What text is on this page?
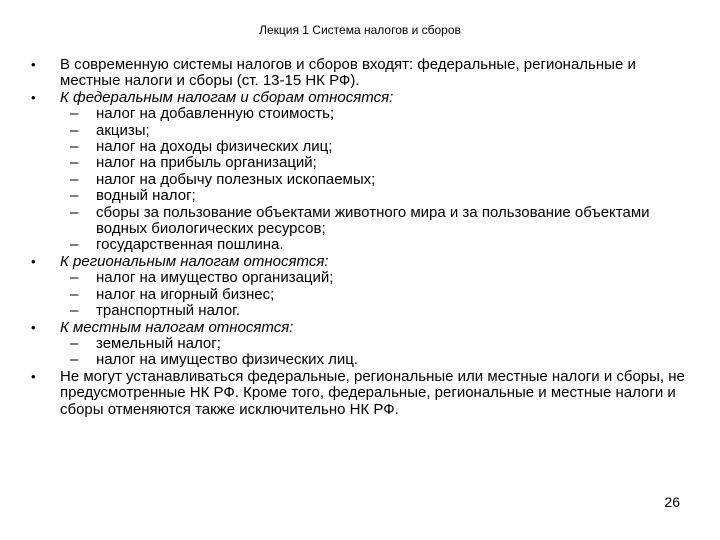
Лекция 1 Система налогов и сборов
• В современную системы налогов и сборов входят: федеральные, региональные и местные налоги и сборы (ст. 13-15 НК РФ).
• К федеральным налогам и сборам относятся:
– налог на добавленную стоимость;
– акцизы;
– налог на доходы физических лиц;
– налог на прибыль организаций;
– налог на добычу полезных ископаемых;
– водный налог;
– сборы за пользование объектами животного мира и за пользование объектами водных биологических ресурсов;
– государственная пошлина.
• К региональным налогам относятся:
– налог на имущество организаций;
– налог на игорный бизнес;
– транспортный налог.
• К местным налогам относятся:
– земельный налог;
– налог на имущество физических лиц.
• Не могут устанавливаться федеральные, региональные или местные налоги и сборы, не предусмотренные НК РФ. Кроме того, федеральные, региональные и местные налоги и сборы отменяются также исключительно НК РФ.
26
